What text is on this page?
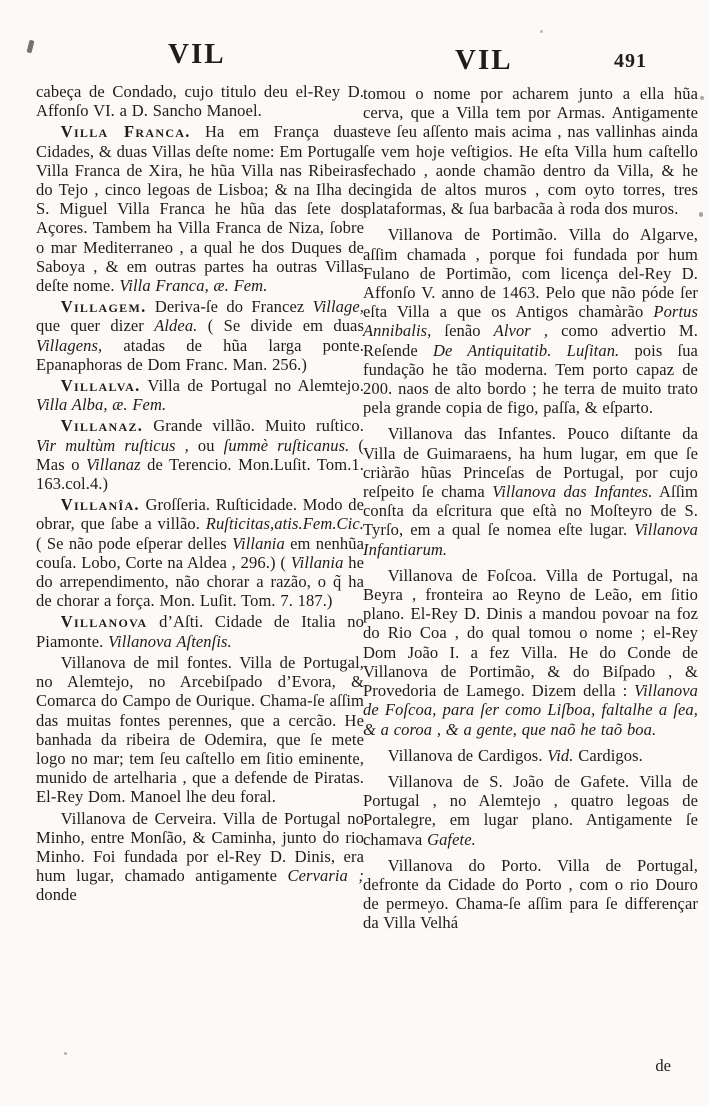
VIL	VIL	491

cabeça de Condado, cujo titulo deu el-Rey D. Affonſo VI. a D. Sancho Manoel.

Villa Franca. Ha em França duas Cidades, & duas Villas deſte nome: Em Portugal Villa Franca de Xira, he hũa Villa nas Ribeiras do Tejo , cinco legoas de Lisboa; & na Ilha de S. Miguel Villa Franca he hũa das ſete dos Açores. Tambem ha Villa Franca de Niza, ſobre o mar Mediterraneo , a qual he dos Duques de Saboya , & em outras partes ha outras Villas deſte nome. Villa Franca, æ. Fem.

Villagem. Deriva-ſe do Francez Village, que quer dizer Aldea. ( Se divide em duas Villagens, atadas de hũa larga ponte. Epanaphoras de Dom Franc. Man. 256.)

Villalva. Villa de Portugal no Alemtejo. Villa Alba, æ. Fem.

Villanaz. Grande villão. Muito ruſtico. Vir multùm ruſticus , ou ſummè ruſticanus. ( Mas o Villanaz de Terencio. Mon.Luſit. Tom.1. 163.col.4.)

Villanîa. Groſſeria. Ruſticidade. Modo de obrar, que ſabe a villão. Ruſticitas,atis.Fem.Cic. ( Se não pode eſperar delles Villania em nenhũa couſa. Lobo, Corte na Aldea , 296.) ( Villania he do arrependimento, não chorar a razão, o q̃ ha de chorar a força. Mon. Luſit. Tom. 7. 187.)

Villanova d’Aſti. Cidade de Italia no Piamonte. Villanova Aſtenſis.

Villanova de mil fontes. Villa de Portugal, no Alemtejo, no Arcebiſpado d’Evora, & Comarca do Campo de Ourique. Chama-ſe aſſim das muitas fontes perennes, que a cercão. He banhada da ribeira de Odemira, que ſe mete logo no mar; tem ſeu caſtello em ſitio eminente, munido de artelharia , que a defende de Piratas. El-Rey Dom. Manoel lhe deu foral.

Villanova de Cerveira. Villa de Portugal no Minho, entre Monſão, & Caminha, junto do rio Minho. Foi fundada por el-Rey D. Dinis, era hum lugar, chamado antigamente Cervaria ; donde

tomou o nome por acharem junto a ella hũa cerva, que a Villa tem por Armas. Antigamente teve ſeu aſſento mais acima , nas vallinhas ainda ſe vem hoje veſtigios. He eſta Villa hum caſtello fechado , aonde chamão dentro da Villa, & he cingida de altos muros , com oyto torres, tres plataformas, & ſua barbacãa à roda dos muros.

Villanova de Portimão. Villa do Algarve, aſſim chamada , porque foi fundada por hum Fulano de Portimão, com licença del-Rey D. Affonſo V. anno de 1463. Pelo que não póde ſer eſta Villa a que os Antigos chamàrão Portus Annibalis, ſenão Alvor , como advertio M. Reſende De Antiquitatib. Luſitan. pois ſua fundação he tão moderna. Tem porto capaz de 200. naos de alto bordo ; he terra de muito trato pela grande copia de figo, paſſa, & eſparto.

Villanova das Infantes. Pouco diſtante da Villa de Guimaraens, ha hum lugar, em que ſe criàrão hũas Princeſas de Portugal, por cujo reſpeito ſe chama Villanova das Infantes. Aſſim conſta da eſcritura que eſtà no Moſteyro de S. Tyrſo, em a qual ſe nomea eſte lugar. Villanova Infantiarum.

Villanova de Foſcoa. Villa de Portugal, na Beyra , fronteira ao Reyno de Leão, em ſitio plano. El-Rey D. Dinis a mandou povoar na foz do Rio Coa , do qual tomou o nome ; el-Rey Dom João I. a fez Villa. He do Conde de Villanova de Portimão, & do Biſpado , & Provedoria de Lamego. Dizem della : Villanova de Foſcoa, para ſer como Liſboa, faltalhe a ſea, & a coroa , & a gente, que naõ he taõ boa.

Villanova de Cardigos. Vid. Cardigos.

Villanova de S. João de Gafete. Villa de Portugal , no Alemtejo , quatro legoas de Portalegre, em lugar plano. Antigamente ſe chamava Gafete.

Villanova do Porto. Villa de Portugal, defronte da Cidade do Porto , com o rio Douro de permeyo. Chama-ſe aſſim para ſe differençar da Villa Velhá

de
